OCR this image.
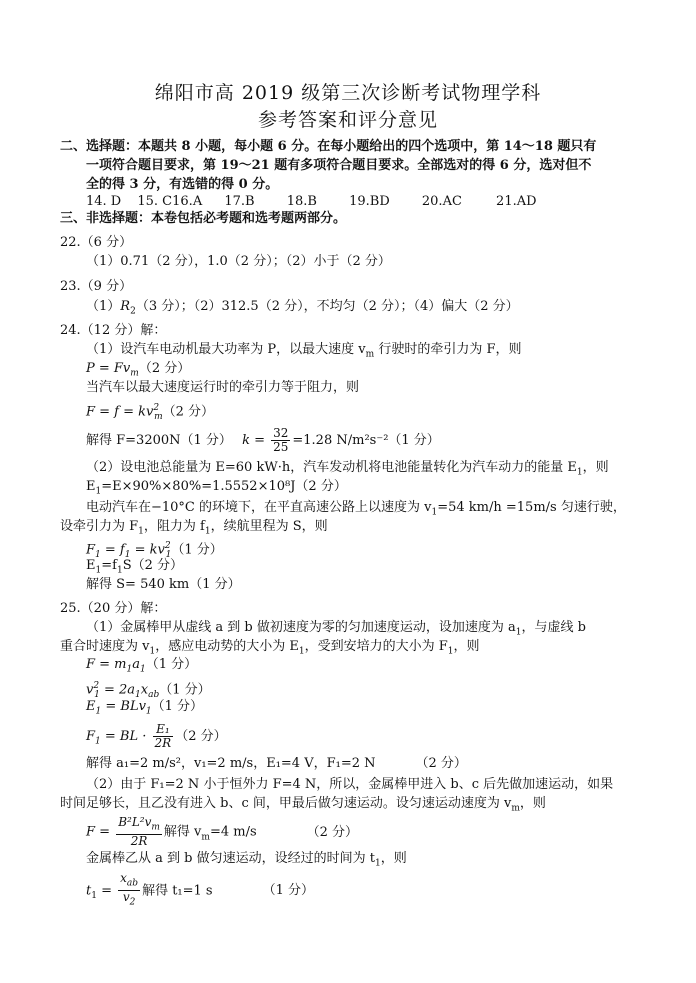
绵阳市高 2019 级第三次诊断考试物理学科
参考答案和评分意见
二、选择题：本题共 8 小题，每小题 6 分。在每小题给出的四个选项中，第 14～18 题只有
一项符合题目要求，第 19～21 题有多项符合题目要求。全部选对的得 6 分，选对但不
全的得 3 分，有选错的得 0 分。
14. D 15. C16.A 17.B 18.B 19.BD 20.AC	21.AD
三、非选择题：本卷包括必考题和选考题两部分。
22.（6 分）
（1）0.71（2 分），1.0（2 分）；（2）小于（2 分）
23.（9 分）
$(1)R_2(3$ 分）；（2）312.5（2 分），不均匀（2 分）；（4）偏大（2 分）
24.（12 分）解：
（1）设汽车电动机最大功率为 P，以最大速度 $v_m$ 行驶时的牵引力为 F，则
$P = Fv_m(2$ 分）
当汽车以最大速度运行时的牵引力等于阻力，则
$F = f = kv^2_m(2$ 分）
解得 F=3200N（1 分） $k = \frac{32}{25} =1.28$ N/m²s⁻²（1 分）
（2）设电池总能量为 E=60 kW·h，汽车发动机将电池能量转化为汽车动力的能量 $E_1$，则
$E_1=E\times 90\%\times 80\%=1.5552\times 10^8J(2$ 分）
电动汽车在−10°C 的环境下，在平直高速公路上以速度为 $v_1=54$ km/h =15m/s 匀速行驶，
设牵引力为 $F_1$，阻力为 $f_1$，续航里程为 S，则
$F_1 = f_1 = kv^2_1(1$ 分）
$E_1=f_1S(2$ 分）
解得 S= 540 km（1 分）
25.（20 分）解：
（1）金属棒甲从虚线 a 到 b 做初速度为零的匀加速度运动，设加速度为 $a_1$，与虚线 b
重合时速度为 $v_1$，感应电动势的大小为 $E_1$，受到安培力的大小为 $F_1$，则
$F = m_1a_1(1$ 分）
$v^2_1 = 2a_1x_{ab}(1$ 分）
$E_1 = BLv_1(1$ 分）
$F_1$ = BL · $\frac{\text{E₁}}{2R} (2$ 分）
解得 a₁=2 m/s²，v₁=2 m/s，E₁=4 V，F₁=2 N	（2 分）
（2）由于 F₁=2 N 小于恒外力 F=4 N，所以，金属棒甲进入 b、c 后先做加速运动，如果
时间足够长，且乙没有进入 b、c 间，甲最后做匀速运动。设匀速运动速度为 $v_m$，则
$F = \frac{B^2L^2v_m}{2R}$ 解得 $v_m=4$ m/s	（2 分）
金属棒乙从 a 到 b 做匀速运动，设经过的时间为 $t_1$，则
$t_1 = \frac{x_{ab}}{v_2}$ 解得 t₁=1 s	（1 分）
